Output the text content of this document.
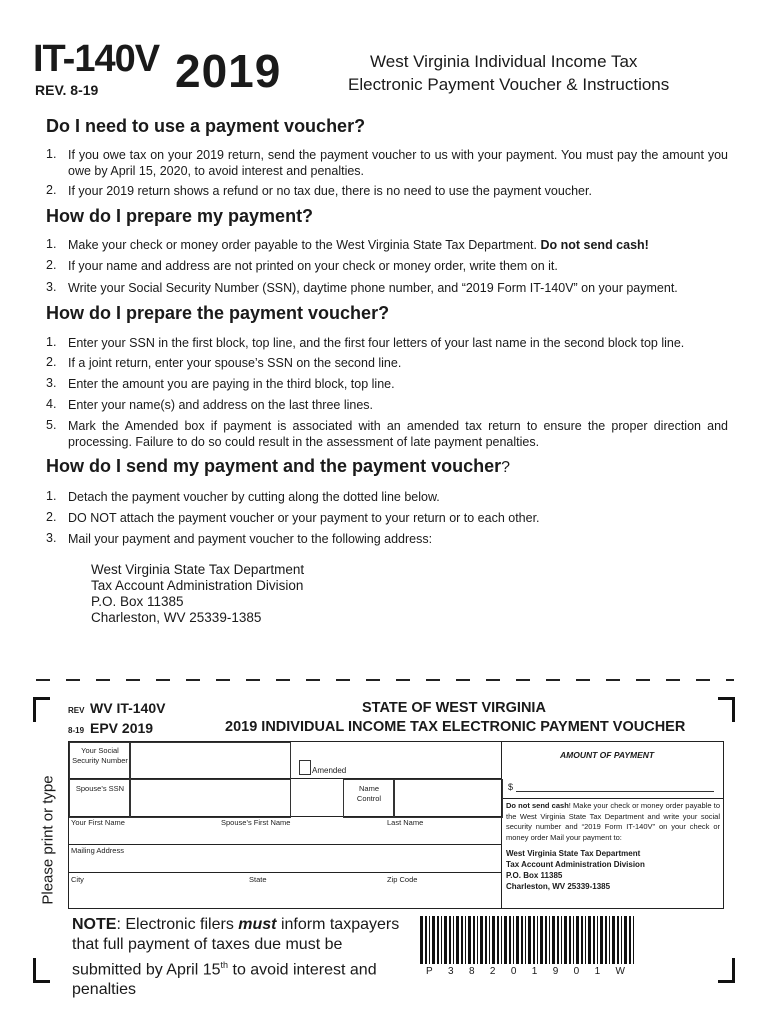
IT-140V
REV. 8-19 2019	West Virginia Individual Income Tax
Electronic Payment Voucher & Instructions
Do I need to use a payment voucher?
1. If you owe tax on your 2019 return, send the payment voucher to us with your payment. You must pay the amount you owe by April 15, 2020, to avoid interest and penalties.
2. If your 2019 return shows a refund or no tax due, there is no need to use the payment voucher.
How do I prepare my payment?
1. Make your check or money order payable to the West Virginia State Tax Department. Do not send cash!
2. If your name and address are not printed on your check or money order, write them on it.
3. Write your Social Security Number (SSN), daytime phone number, and “2019 Form IT-140V” on your payment.
How do I prepare the payment voucher?
1. Enter your SSN in the first block, top line, and the first four letters of your last name in the second block top line.
2. If a joint return, enter your spouse’s SSN on the second line.
3. Enter the amount you are paying in the third block, top line.
4. Enter your name(s) and address on the last three lines.
5. Mark the Amended box if payment is associated with an amended tax return to ensure the proper direction and processing. Failure to do so could result in the assessment of late payment penalties.
How do I send my payment and the payment voucher?
1. Detach the payment voucher by cutting along the dotted line below.
2. DO NOT attach the payment voucher or your payment to your return or to each other.
3. Mail your payment and payment voucher to the following address:
West Virginia State Tax Department
Tax Account Administration Division
P.O. Box 11385
Charleston, WV 25339-1385
REV WV IT-140V
8-19 EPV 2019
STATE OF WEST VIRGINIA
2019 INDIVIDUAL INCOME TAX ELECTRONIC PAYMENT VOUCHER
Please print or type
Your Social Security Number
Amended
Spouse’s SSN	Name Control
Your First Name	Spouse’s First Name	Last Name
Mailing Address
City	State	Zip Code
AMOUNT OF PAYMENT
$
Do not send cash! Make your check or money order payable to the West Virginia State Tax Department and write your social security number and “2019 Form IT-140V” on your check or money order Mail your payment to:
West Virginia State Tax Department
Tax Account Administration Division
P.O. Box 11385
Charleston, WV 25339-1385
NOTE: Electronic filers must inform taxpayers that full payment of taxes due must be submitted by April 15th to avoid interest and penalties
P 3 8 2 0 1 9 0 1 W
